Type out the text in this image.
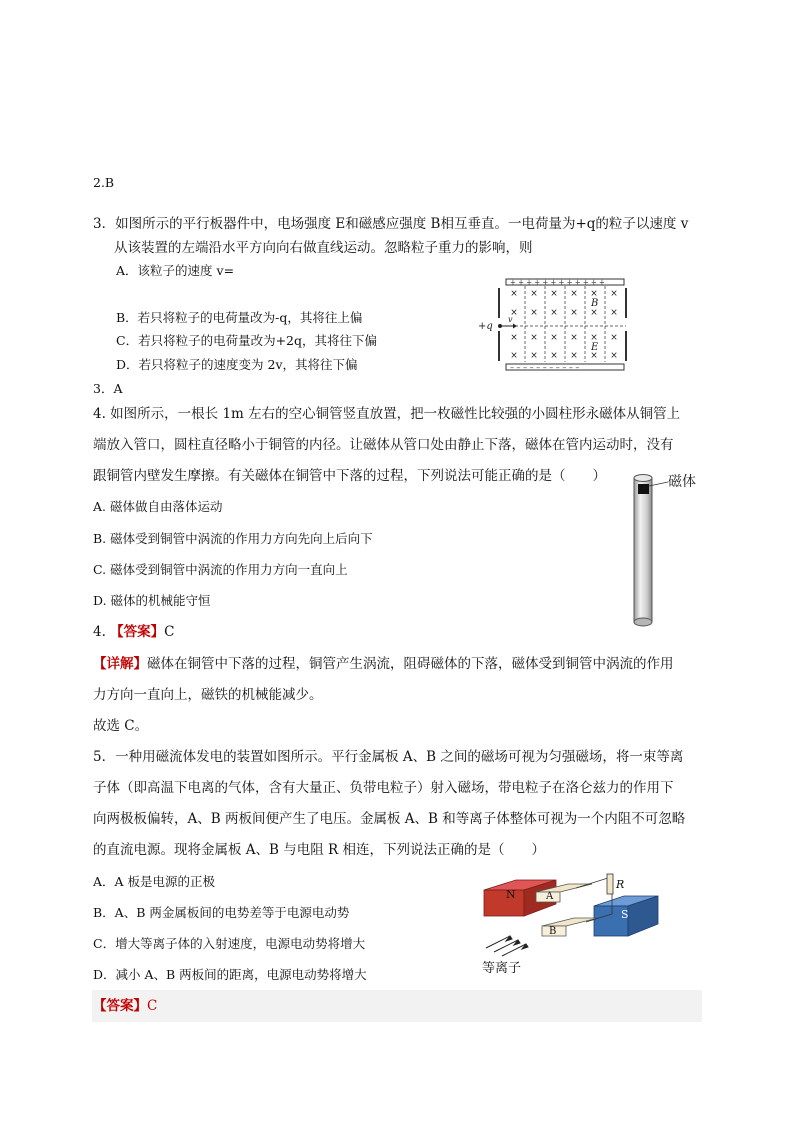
2.B
3．如图所示的平行板器件中，电场强度 E和磁感应强度 B相互垂直。一电荷量为+q的粒子以速度 v
从该装置的左端沿水平方向向右做直线运动。忽略粒子重力的影响，则
A．该粒子的速度 v=
B．若只将粒子的电荷量改为-q，其将往上偏
C．若只将粒子的电荷量改为+2q，其将往下偏
D．若只将粒子的速度变为 2v，其将往下偏
3．A
+ + + + + + + + + + + +
– – – – – – – – – – –
× × × × × ×
× × × × × ×
× × × × × ×
× × × × × ×
B
E
+q
v
4. 如图所示，一根长 1m 左右的空心铜管竖直放置，把一枚磁性比较强的小圆柱形永磁体从铜管上
端放入管口，圆柱直径略小于铜管的内径。让磁体从管口处由静止下落，磁体在管内运动时，没有
跟铜管内壁发生摩擦。有关磁体在铜管中下落的过程，下列说法可能正确的是（　　）
A. 磁体做自由落体运动
B. 磁体受到铜管中涡流的作用力方向先向上后向下
C. 磁体受到铜管中涡流的作用力方向一直向上
D. 磁体的机械能守恒
4. 【答案】C
【详解】磁体在铜管中下落的过程，铜管产生涡流，阻碍磁体的下落，磁体受到铜管中涡流的作用
力方向一直向上，磁铁的机械能减少。
故选 C。
磁体
5．一种用磁流体发电的装置如图所示。平行金属板 A、B 之间的磁场可视为匀强磁场，将一束等离
子体（即高温下电离的气体，含有大量正、负带电粒子）射入磁场，带电粒子在洛仑兹力的作用下
向两极板偏转，A、B 两板间便产生了电压。金属板 A、B 和等离子体整体可视为一个内阻不可忽略
的直流电源。现将金属板 A、B 与电阻 R 相连，下列说法正确的是（　　）
A．A 板是电源的正极
B．A、B 两金属板间的电势差等于电源电动势
C．增大等离子体的入射速度，电源电动势将增大
D．减小 A、B 两板间的距离，电源电动势将增大
【答案】C
N
S
A
B
R
等离子
